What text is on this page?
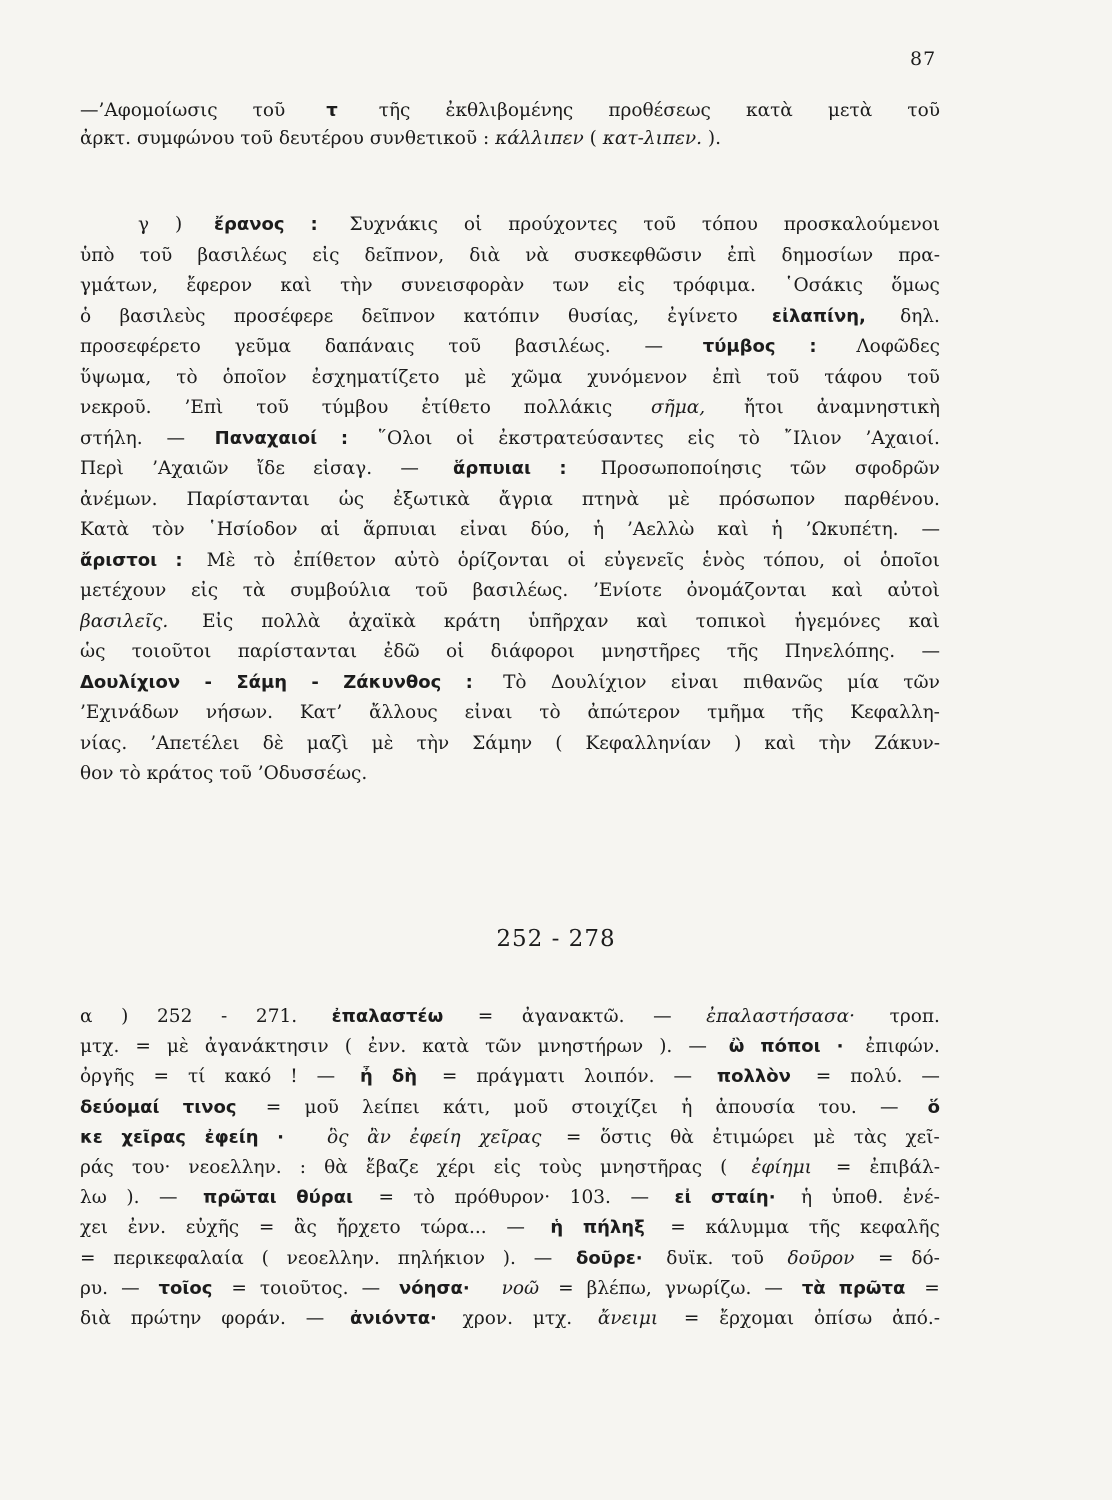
87
—’Αφομοίωσις τοῦ τ τῆς ἐκθλιβομένης προθέσεως κατὰ μετὰ τοῦ
ἀρκτ. συμφώνου τοῦ δευτέρου συνθετικοῦ : κάλλιπεν ( κατ-λιπεν. ).
γ ) ἔρανος : Συχνάκις οἱ προύχοντες τοῦ τόπου προσκαλούμενοι
ὑπὸ τοῦ βασιλέως εἰς δεῖπνον, διὰ νὰ συσκεφθῶσιν ἐπὶ δημοσίων πρα-
γμάτων, ἔφερον καὶ τὴν συνεισφορὰν των εἰς τρόφιμα. ῾Οσάκις ὅμως
ὁ βασιλεὺς προσέφερε δεῖπνον κατόπιν θυσίας, ἐγίνετο εἰλαπίνη, δηλ.
προσεφέρετο γεῦμα δαπάναις τοῦ βασιλέως. — τύμβος : Λοφῶδες
ὕψωμα, τὸ ὁποῖον ἐσχηματίζετο μὲ χῶμα χυνόμενον ἐπὶ τοῦ τάφου τοῦ
νεκροῦ. ’Επὶ τοῦ τύμβου ἐτίθετο πολλάκις σῆμα, ἤτοι ἀναμνηστικὴ
στήλη. — Παναχαιοί : ῞Ολοι οἱ ἐκστρατεύσαντες εἰς τὸ ῎Ιλιον ’Αχαιοί.
Περὶ ’Αχαιῶν ἴδε εἰσαγ. — ἅρπυιαι : Προσωποποίησις τῶν σφοδρῶν
ἀνέμων. Παρίστανται ὡς ἐξωτικὰ ἄγρια πτηνὰ μὲ πρόσωπον παρθένου.
Κατὰ τὸν ῾Ησίοδον αἱ ἅρπυιαι εἶναι δύο, ἡ ’Αελλὼ καὶ ἡ ’Ωκυπέτη. —
ἄριστοι : Μὲ τὸ ἐπίθετον αὐτὸ ὁρίζονται οἱ εὐγενεῖς ἑνὸς τόπου, οἱ ὁποῖοι
μετέχουν εἰς τὰ συμβούλια τοῦ βασιλέως. ’Ενίοτε ὀνομάζονται καὶ αὐτοὶ
βασιλεῖς. Εἰς πολλὰ ἀχαϊκὰ κράτη ὑπῆρχαν καὶ τοπικοὶ ἡγεμόνες καὶ
ὡς τοιοῦτοι παρίστανται ἐδῶ οἱ διάφοροι μνηστῆρες τῆς Πηνελόπης. —
Δουλίχιον - Σάμη - Ζάκυνθος : Τὸ Δουλίχιον εἶναι πιθανῶς μία τῶν
’Εχινάδων νήσων. Κατ’ ἄλλους εἶναι τὸ ἀπώτερον τμῆμα τῆς Κεφαλλη-
νίας. ’Απετέλει δὲ μαζὶ μὲ τὴν Σάμην ( Κεφαλληνίαν ) καὶ τὴν Ζάκυν-
θον τὸ κράτος τοῦ ’Οδυσσέως.
252 - 278
α ) 252 - 271. ἐπαλαστέω = ἀγανακτῶ. — ἐπαλαστήσασα· τροπ.
μτχ. = μὲ ἀγανάκτησιν ( ἐνν. κατὰ τῶν μνηστήρων ). — ὢ πόποι · ἐπιφών.
ὀργῆς = τί κακό ! — ἦ δὴ = πράγματι λοιπόν. — πολλὸν = πολύ. —
δεύομαί τινος = μοῦ λείπει κάτι, μοῦ στοιχίζει ἡ ἀπουσία του. — ὅ
κε χεῖρας ἐφείη ·
ὃς ἂν ἐφείη χεῖρας = ὅστις θὰ ἐτιμώρει μὲ τὰς χεῖ-
ράς του· νεοελλην. : θὰ ἔβαζε χέρι εἰς τοὺς μνηστῆρας ( ἐφίημι = ἐπιβάλ-
λω ). — πρῶται θύραι = τὸ πρόθυρον· 103. — εἰ σταίη· ἡ ὑποθ. ἐνέ-
χει ἐνν. εὐχῆς = ἂς ἤρχετο τώρα... — ἡ πήληξ = κάλυμμα τῆς κεφαλῆς
= περικεφαλαία ( νεοελλην. πηλήκιον ). — δοῦρε· δυϊκ. τοῦ δοῦρον = δό-
ρυ. — τοῖος = τοιοῦτος. — νόησα·
νοῶ = βλέπω, γνωρίζω. — τὰ πρῶτα =
διὰ πρώτην φοράν. — ἀνιόντα· χρον. μτχ. ἄνειμι = ἔρχομαι ὀπίσω ἀπό.-
